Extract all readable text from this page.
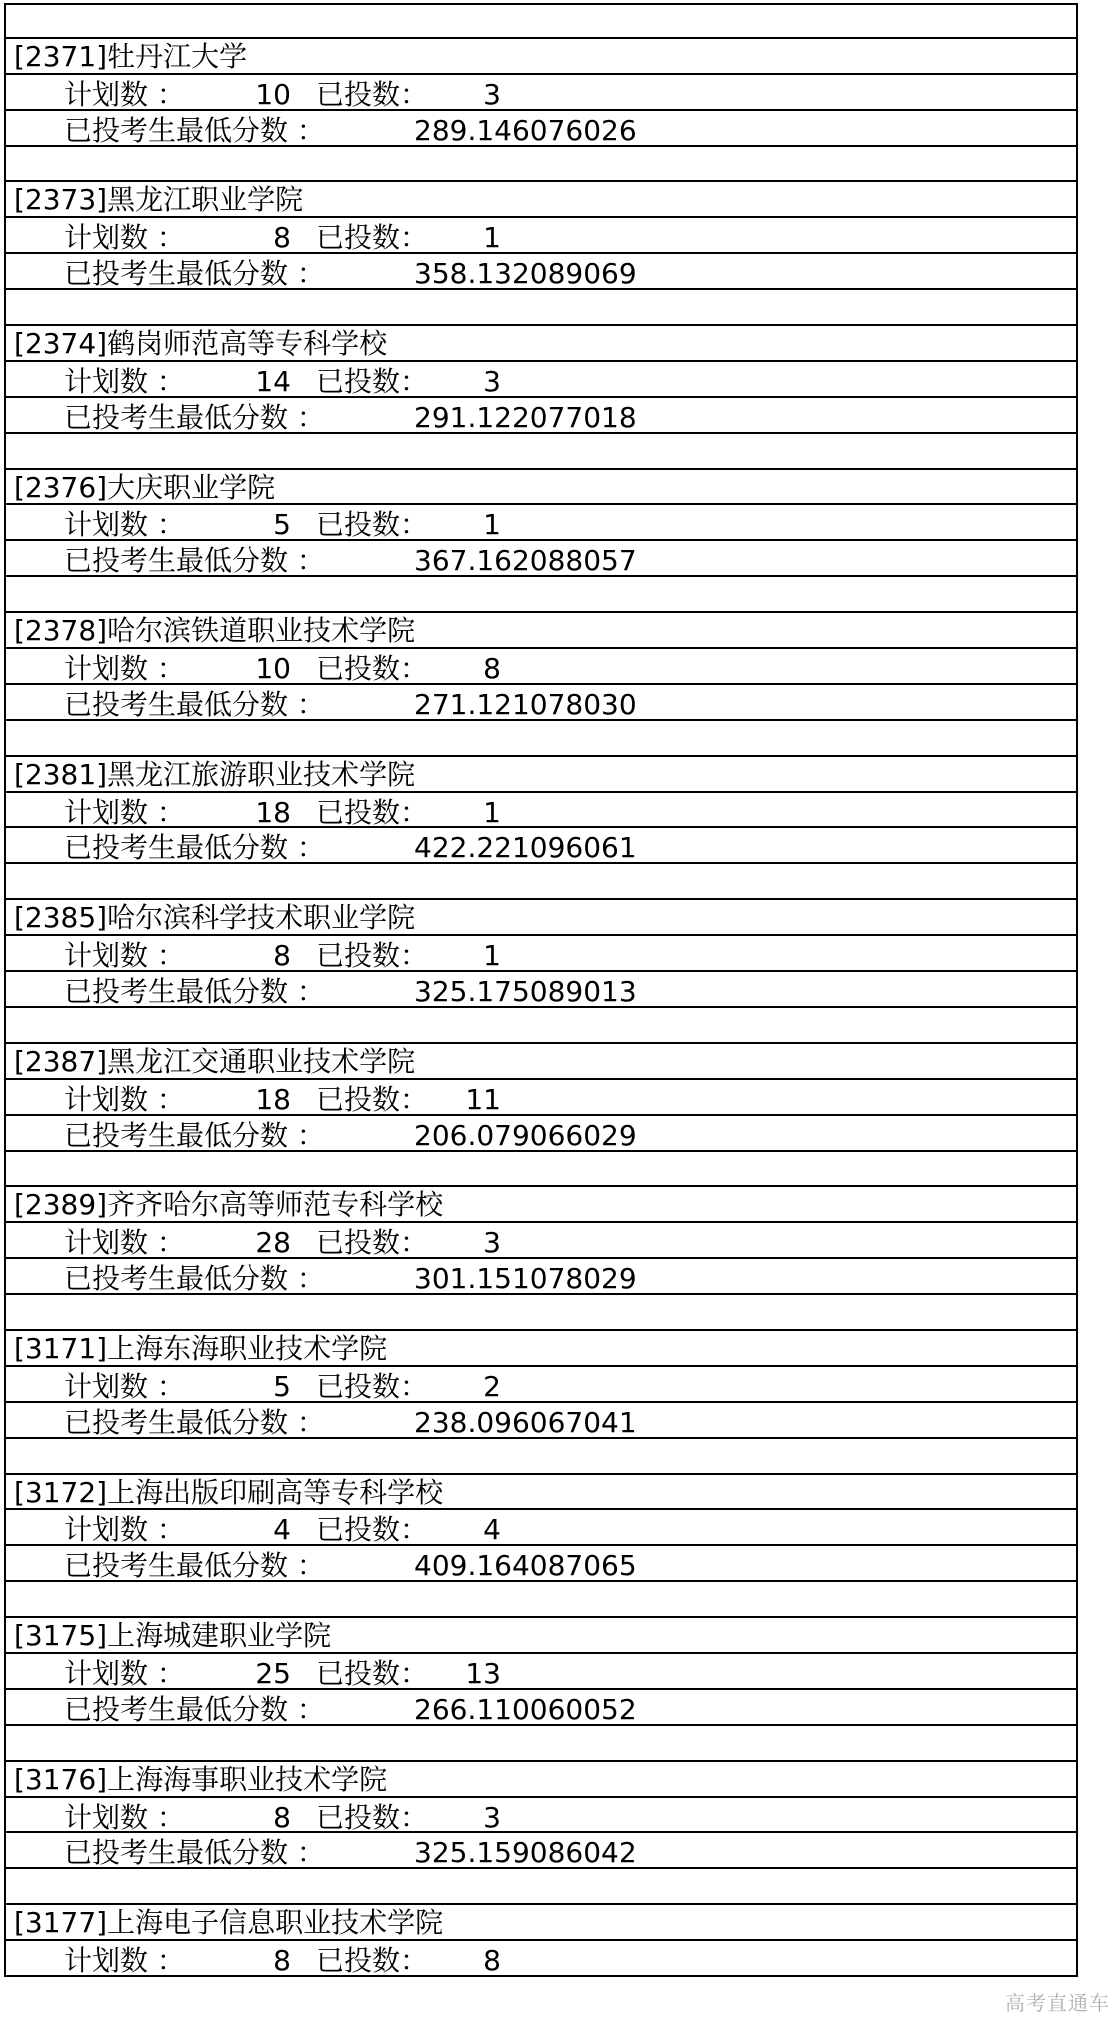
[2371]牡丹江大学
计划数 ：	10 已投数：	3
已投考生最低分数 ：	289.146076026
[2373]黑龙江职业学院
计划数 ：	8 已投数：	1
已投考生最低分数 ：	358.132089069
[2374]鹤岗师范高等专科学校
计划数 ：	14 已投数：	3
已投考生最低分数 ：	291.122077018
[2376]大庆职业学院
计划数 ：	5 已投数：	1
已投考生最低分数 ：	367.162088057
[2378]哈尔滨铁道职业技术学院
计划数 ：	10 已投数：	8
已投考生最低分数 ：	271.121078030
[2381]黑龙江旅游职业技术学院
计划数 ：	18 已投数：	1
已投考生最低分数 ：	422.221096061
[2385]哈尔滨科学技术职业学院
计划数 ：	8 已投数：	1
已投考生最低分数 ：	325.175089013
[2387]黑龙江交通职业技术学院
计划数 ：	18 已投数： 11
已投考生最低分数 ：	206.079066029
[2389]齐齐哈尔高等师范专科学校
计划数 ：	28 已投数：	3
已投考生最低分数 ：	301.151078029
[3171]上海东海职业技术学院
计划数 ：	5 已投数：	2
已投考生最低分数 ：	238.096067041
[3172]上海出版印刷高等专科学校
计划数 ：	4 已投数：	4
已投考生最低分数 ：	409.164087065
[3175]上海城建职业学院
计划数 ：	25 已投数： 13
已投考生最低分数 ：	266.110060052
[3176]上海海事职业技术学院
计划数 ：	8 已投数：	3
已投考生最低分数 ：	325.159086042
[3177]上海电子信息职业技术学院
计划数 ：	8 已投数：	8
高考直通车
